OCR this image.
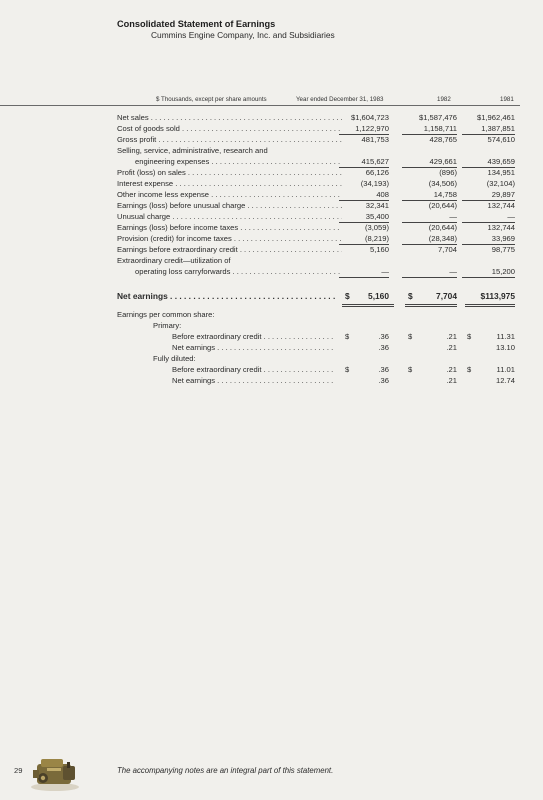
Consolidated Statement of Earnings
Cummins Engine Company, Inc. and Subsidiaries
$ Thousands, except per share amounts	Year ended December 31, 1983	1982	1981
Net sales . . .	$1,604,723	$1,587,476	$1,962,461
Cost of goods sold . . .	1,122,970	1,158,711	1,387,851
Gross profit . . .	481,753	428,765	574,610
Selling, service, administrative, research and
engineering expenses . . .	415,627	429,661	439,659
Profit (loss) on sales . . .	66,126	(896)	134,951
Interest expense . . .	(34,193)	(34,506)	(32,104)
Other income less expense . . .	408	14,758	29,897
Earnings (loss) before unusual charge . . .	32,341	(20,644)	132,744
Unusual charge . . .	35,400	—	—
Earnings (loss) before income taxes . . .	(3,059)	(20,644)	132,744
Provision (credit) for income taxes . . .	(8,219)	(28,348)	33,969
Earnings before extraordinary credit . . .	5,160	7,704	98,775
Extraordinary credit—utilization of
operating loss carryforwards . . .	—	—	15,200
Net earnings . . .	$	5,160 $	7,704	$113,975
Earnings per common share:
Primary:
Before extraordinary credit . . .	$	.36	$	.21 $	11.31
Net earnings . . .	.36	.21	13.10
Fully diluted:
Before extraordinary credit . . .	$	.36	$	.21 $	11.01
Net earnings . . .	.36	.21	12.74
29	The accompanying notes are an integral part of this statement.
